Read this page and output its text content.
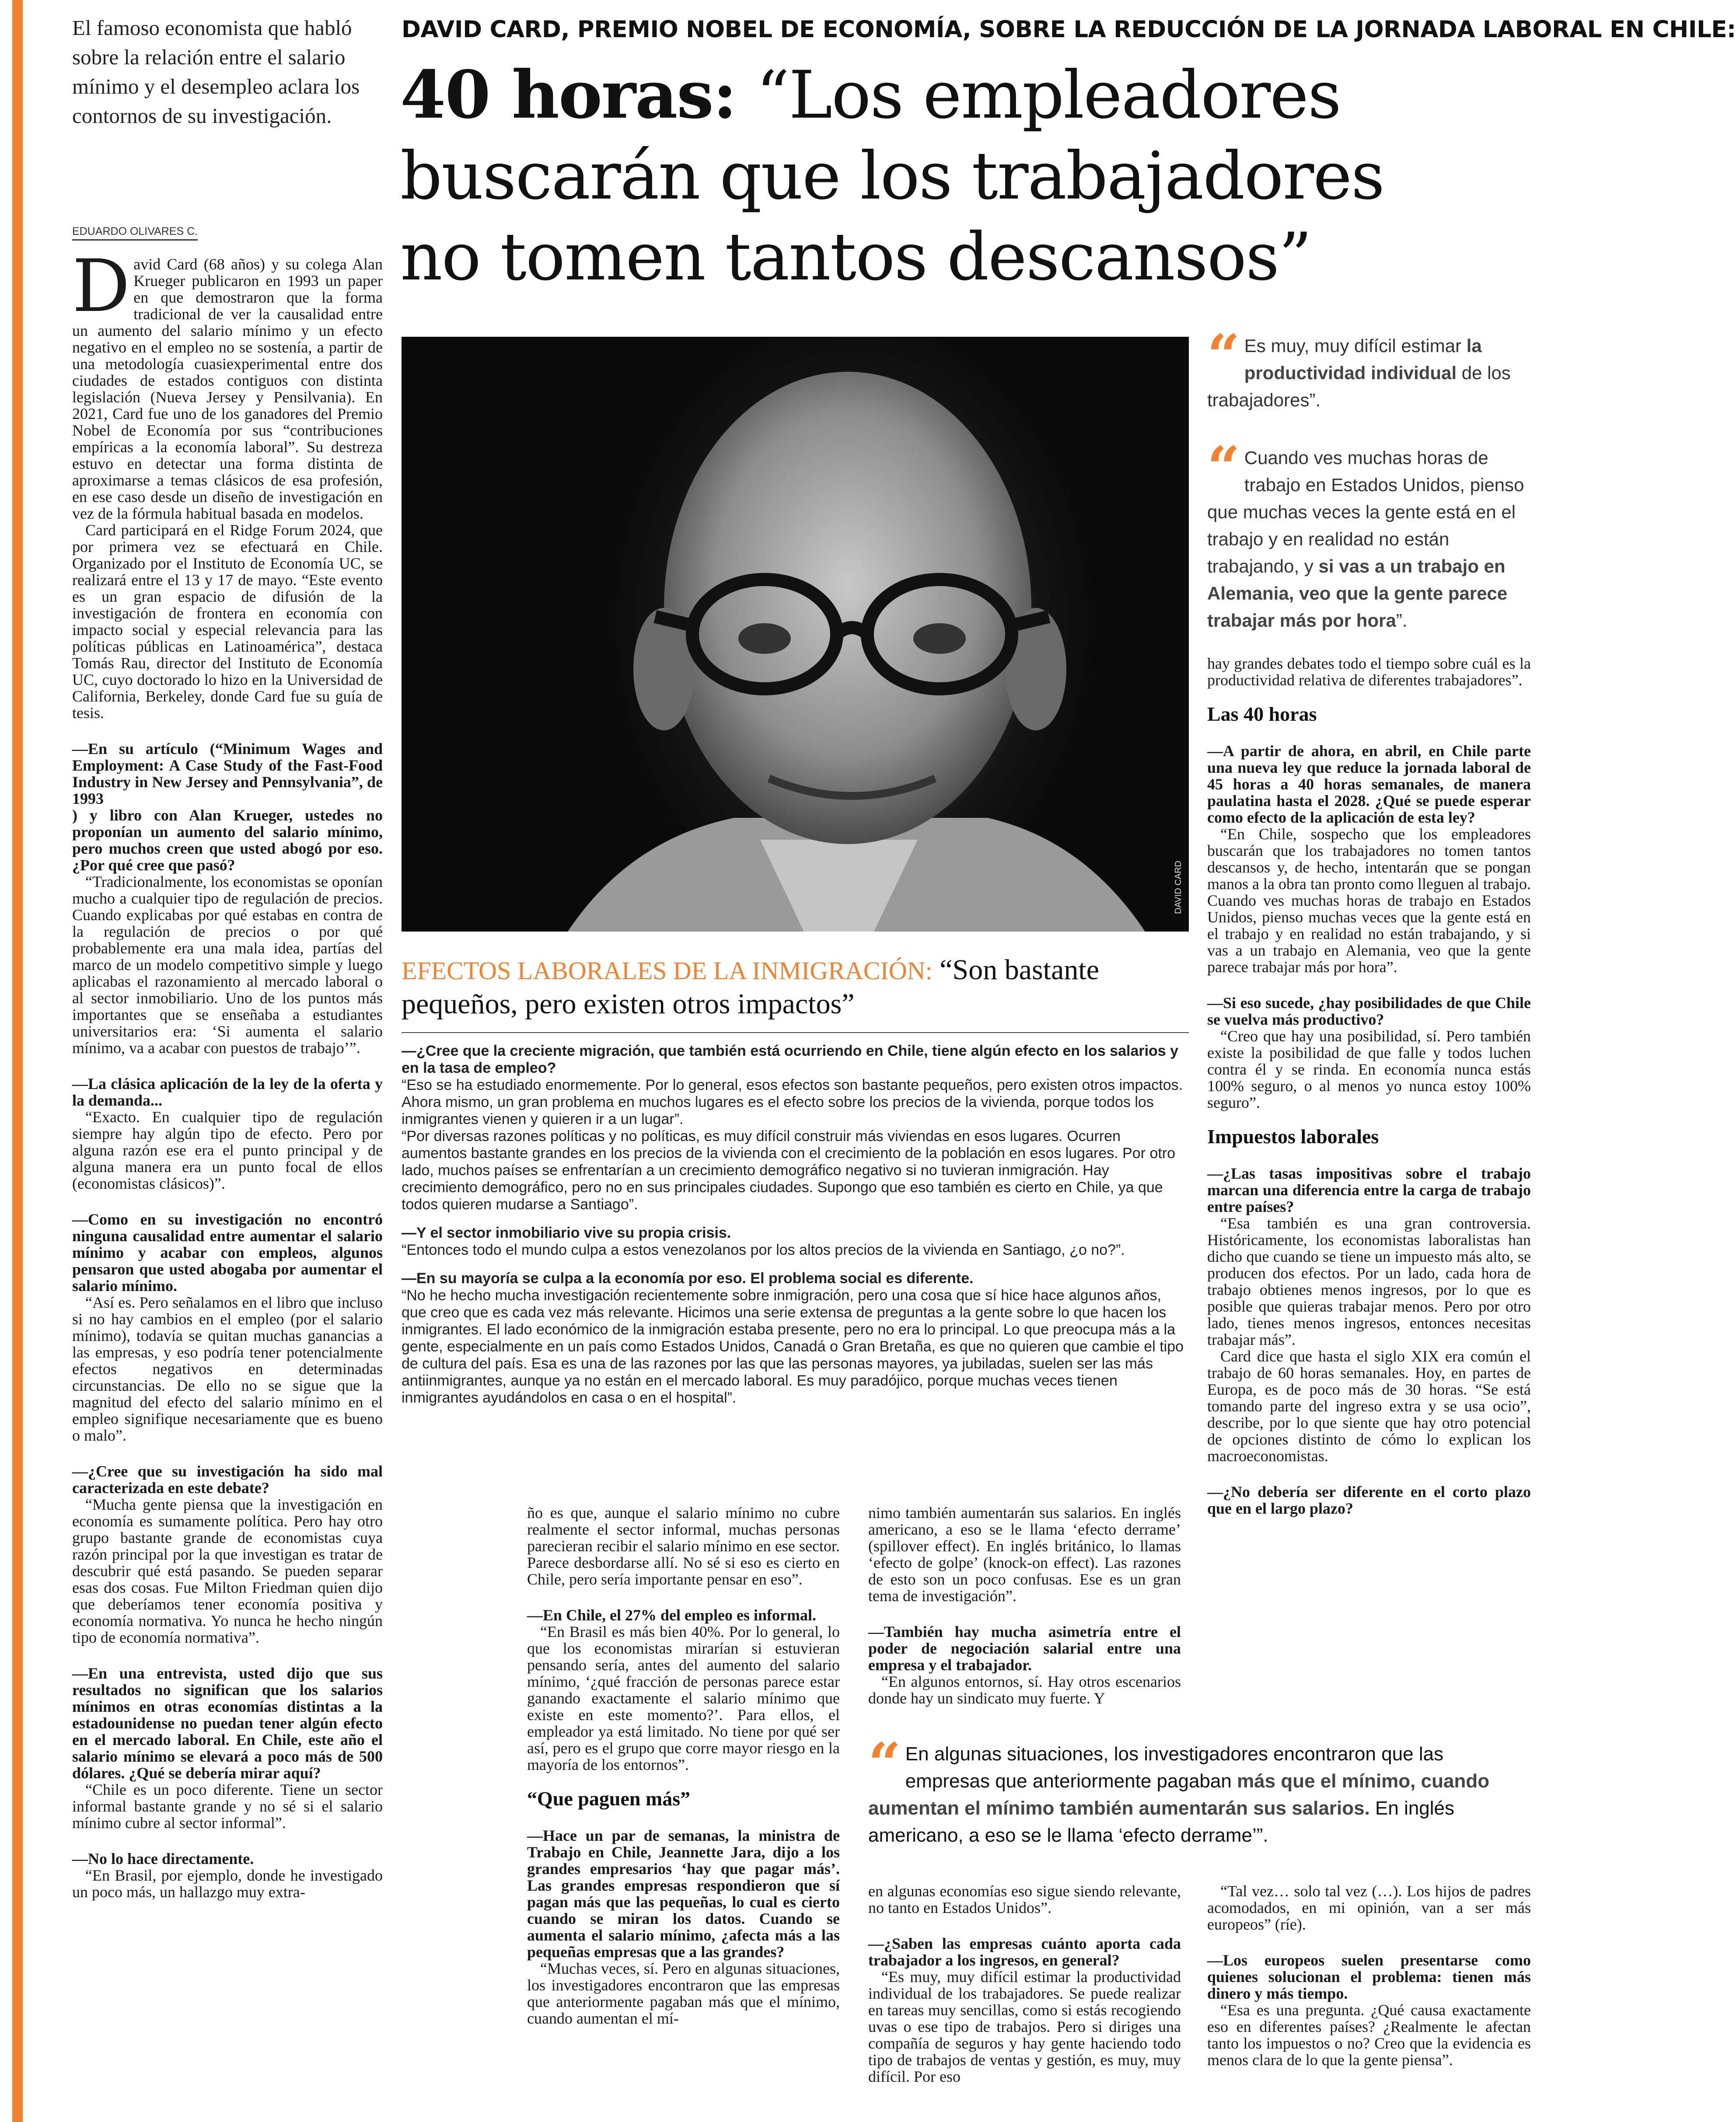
El famoso economista que habló sobre la relación entre el salario mínimo y el desempleo aclara los contornos de su investigación.
EDUARDO OLIVARES C.
DAVID CARD, PREMIO NOBEL DE ECONOMÍA, SOBRE LA REDUCCIÓN DE LA JORNADA LABORAL EN CHILE:
40 horas: “Los empleadores buscarán que los trabajadores no tomen tantos descansos”
DAVID CARD

David Card (68 años) y su colega Alan Krueger publicaron en 1993 un paper en que demostraron que la forma tradicional de ver la causalidad entre un aumento del salario mínimo y un efecto negativo en el empleo no se sostenía, a partir de una metodología cuasiexperimental entre dos ciudades de estados contiguos con distinta legislación (Nueva Jersey y Pensilvania). En 2021, Card fue uno de los ganadores del Premio Nobel de Economía por sus “contribuciones empíricas a la economía laboral”. Su destreza estuvo en detectar una forma distinta de aproximarse a temas clásicos de esa profesión, en ese caso desde un diseño de investigación en vez de la fórmula habitual basada en modelos.

Card participará en el Ridge Forum 2024, que por primera vez se efectuará en Chile. Organizado por el Instituto de Economía UC, se realizará entre el 13 y 17 de mayo. “Este evento es un gran espacio de difusión de la investigación de frontera en economía con impacto social y especial relevancia para las políticas públicas en Latinoamérica”, destaca Tomás Rau, director del Instituto de Economía UC, cuyo doctorado lo hizo en la Universidad de California, Berkeley, donde Card fue su guía de tesis.
—En su artículo (“Minimum Wages and Employment: A Case Study of the Fast-Food Industry in New Jersey and Pennsylvania”, de 1993
) y libro con Alan Krueger, ustedes no proponían un aumento del salario mínimo, pero muchos creen que usted abogó por eso. ¿Por qué cree que pasó?
“Tradicionalmente, los economistas se oponían mucho a cualquier tipo de regulación de precios. Cuando explicabas por qué estabas en contra de la regulación de precios o por qué probablemente era una mala idea, partías del marco de un modelo competitivo simple y luego aplicabas el razonamiento al mercado laboral o al sector inmobiliario. Uno de los puntos más importantes que se enseñaba a estudiantes universitarios era: ‘Si aumenta el salario mínimo, va a acabar con puestos de trabajo’”.
—La clásica aplicación de la ley de la oferta y la demanda...
“Exacto. En cualquier tipo de regulación siempre hay algún tipo de efecto. Pero por alguna razón ese era el punto principal y de alguna manera era un punto focal de ellos (economistas clásicos)”.
—Como en su investigación no encontró ninguna causalidad entre aumentar el salario mínimo y acabar con empleos, algunos pensaron que usted abogaba por aumentar el salario mínimo.
“Así es. Pero señalamos en el libro que incluso si no hay cambios en el empleo (por el salario mínimo), todavía se quitan muchas ganancias a las empresas, y eso podría tener potencialmente efectos negativos en determinadas circunstancias. De ello no se sigue que la magnitud del efecto del salario mínimo en el empleo signifique necesariamente que es bueno o malo”.
—¿Cree que su investigación ha sido mal caracterizada en este debate?
“Mucha gente piensa que la investigación en economía es sumamente política. Pero hay otro grupo bastante grande de economistas cuya razón principal por la que investigan es tratar de descubrir qué está pasando. Se pueden separar esas dos cosas. Fue Milton Friedman quien dijo que deberíamos tener economía positiva y economía normativa. Yo nunca he hecho ningún tipo de economía normativa”.
—En una entrevista, usted dijo que sus resultados no significan que los salarios mínimos en otras economías distintas a la estadounidense no puedan tener algún efecto en el mercado laboral. En Chile, este año el salario mínimo se elevará a poco más de 500 dólares. ¿Qué se debería mirar aquí?
“Chile es un poco diferente. Tiene un sector informal bastante grande y no sé si el salario mínimo cubre al sector informal”.
—No lo hace directamente.
“En Brasil, por ejemplo, donde he investigado un poco más, un hallazgo muy extra-
EFECTOS LABORALES DE LA INMIGRACIÓN: “Son bastante pequeños, pero existen otros impactos”
—¿Cree que la creciente migración, que también está ocurriendo en Chile, tiene algún efecto en los salarios y en la tasa de empleo?
“Eso se ha estudiado enormemente. Por lo general, esos efectos son bastante pequeños, pero existen otros impactos. Ahora mismo, un gran problema en muchos lugares es el efecto sobre los precios de la vivienda, porque todos los inmigrantes vienen y quieren ir a un lugar”.
“Por diversas razones políticas y no políticas, es muy difícil construir más viviendas en esos lugares. Ocurren aumentos bastante grandes en los precios de la vivienda con el crecimiento de la población en esos lugares. Por otro lado, muchos países se enfrentarían a un crecimiento demográfico negativo si no tuvieran inmigración. Hay crecimiento demográfico, pero no en sus principales ciudades. Supongo que eso también es cierto en Chile, ya que todos quieren mudarse a Santiago”.
—Y el sector inmobiliario vive su propia crisis.
“Entonces todo el mundo culpa a estos venezolanos por los altos precios de la vivienda en Santiago, ¿o no?”.
—En su mayoría se culpa a la economía por eso. El problema social es diferente.
“No he hecho mucha investigación recientemente sobre inmigración, pero una cosa que sí hice hace algunos años, que creo que es cada vez más relevante. Hicimos una serie extensa de preguntas a la gente sobre lo que hacen los inmigrantes. El lado económico de la inmigración estaba presente, pero no era lo principal. Lo que preocupa más a la gente, especialmente en un país como Estados Unidos, Canadá o Gran Bretaña, es que no quieren que cambie el tipo de cultura del país. Esa es una de las razones por las que las personas mayores, ya jubiladas, suelen ser las más antiinmigrantes, aunque ya no están en el mercado laboral. Es muy paradójico, porque muchas veces tienen inmigrantes ayudándolos en casa o en el hospital”.
ño es que, aunque el salario mínimo no cubre realmente el sector informal, muchas personas parecieran recibir el salario mínimo en ese sector. Parece desbordarse allí. No sé si eso es cierto en Chile, pero sería importante pensar en eso”.
—En Chile, el 27% del empleo es informal.
“En Brasil es más bien 40%. Por lo general, lo que los economistas mirarían si estuvieran pensando sería, antes del aumento del salario mínimo, ‘¿qué fracción de personas parece estar ganando exactamente el salario mínimo que existe en este momento?’. Para ellos, el empleador ya está limitado. No tiene por qué ser así, pero es el grupo que corre mayor riesgo en la mayoría de los entornos”.
“Que paguen más”
—Hace un par de semanas, la ministra de Trabajo en Chile, Jeannette Jara, dijo a los grandes empresarios ‘hay que pagar más’. Las grandes empresas respondieron que sí pagan más que las pequeñas, lo cual es cierto cuando se miran los datos. Cuando se aumenta el salario mínimo, ¿afecta más a las pequeñas empresas que a las grandes?
“Muchas veces, sí. Pero en algunas situaciones, los investigadores encontraron que las empresas que anteriormente pagaban más que el mínimo, cuando aumentan el mí-
nimo también aumentarán sus salarios. En inglés americano, a eso se le llama ‘efecto derrame’ (spillover effect). En inglés británico, lo llamas ‘efecto de golpe’ (knock-on effect). Las razones de esto son un poco confusas. Ese es un gran tema de investigación”.
—También hay mucha asimetría entre el poder de negociación salarial entre una empresa y el trabajador.
“En algunos entornos, sí. Hay otros escenarios donde hay un sindicato muy fuerte. Y
“ En algunas situaciones, los investigadores encontraron que las empresas que anteriormente pagaban más que el mínimo, cuando aumentan el mínimo también aumentarán sus salarios. En inglés americano, a eso se le llama ‘efecto derrame’”.
en algunas economías eso sigue siendo relevante, no tanto en Estados Unidos”.
—¿Saben las empresas cuánto aporta cada trabajador a los ingresos, en general?
“Es muy, muy difícil estimar la productividad individual de los trabajadores. Se puede realizar en tareas muy sencillas, como si estás recogiendo uvas o ese tipo de trabajos. Pero si diriges una compañía de seguros y hay gente haciendo todo tipo de trabajos de ventas y gestión, es muy, muy difícil. Por eso
“ Es muy, muy difícil estimar la productividad individual de los trabajadores”.
“ Cuando ves muchas horas de trabajo en Estados Unidos, pienso que muchas veces la gente está en el trabajo y en realidad no están trabajando, y si vas a un trabajo en Alemania, veo que la gente parece trabajar más por hora”.
hay grandes debates todo el tiempo sobre cuál es la productividad relativa de diferentes trabajadores”.
Las 40 horas
—A partir de ahora, en abril, en Chile parte una nueva ley que reduce la jornada laboral de 45 horas a 40 horas semanales, de manera paulatina hasta el 2028. ¿Qué se puede esperar como efecto de la aplicación de esta ley?
“En Chile, sospecho que los empleadores buscarán que los trabajadores no tomen tantos descansos y, de hecho, intentarán que se pongan manos a la obra tan pronto como lleguen al trabajo. Cuando ves muchas horas de trabajo en Estados Unidos, pienso muchas veces que la gente está en el trabajo y en realidad no están trabajando, y si vas a un trabajo en Alemania, veo que la gente parece trabajar más por hora”.
—Si eso sucede, ¿hay posibilidades de que Chile se vuelva más productivo?
“Creo que hay una posibilidad, sí. Pero también existe la posibilidad de que falle y todos luchen contra él y se rinda. En economía nunca estás 100% seguro, o al menos yo nunca estoy 100% seguro”.
Impuestos laborales
—¿Las tasas impositivas sobre el trabajo marcan una diferencia entre la carga de trabajo entre países?
“Esa también es una gran controversia. Históricamente, los economistas laboralistas han dicho que cuando se tiene un impuesto más alto, se producen dos efectos. Por un lado, cada hora de trabajo obtienes menos ingresos, por lo que es posible que quieras trabajar menos. Pero por otro lado, tienes menos ingresos, entonces necesitas trabajar más”.
Card dice que hasta el siglo XIX era común el trabajo de 60 horas semanales. Hoy, en partes de Europa, es de poco más de 30 horas. “Se está tomando parte del ingreso extra y se usa ocio”, describe, por lo que siente que hay otro potencial de opciones distinto de cómo lo explican los macroeconomistas.
—¿No debería ser diferente en el corto plazo que en el largo plazo?
“Tal vez… solo tal vez (…). Los hijos de padres acomodados, en mi opinión, van a ser más europeos” (ríe).
—Los europeos suelen presentarse como quienes solucionan el problema: tienen más dinero y más tiempo.
“Esa es una pregunta. ¿Qué causa exactamente eso en diferentes países? ¿Realmente le afectan tanto los impuestos o no? Creo que la evidencia es menos clara de lo que la gente piensa”.
